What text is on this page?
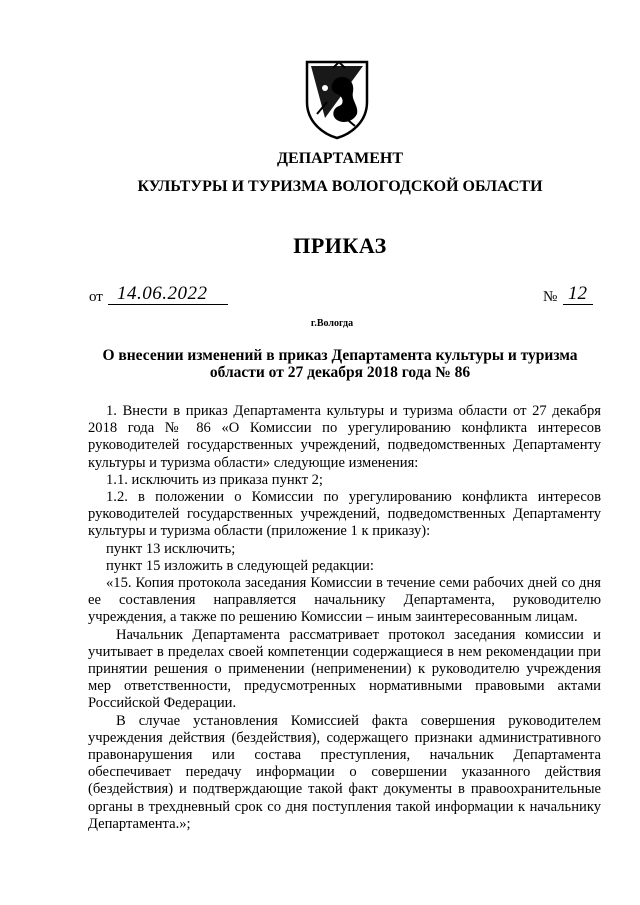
ДЕПАРТАМЕНТ
КУЛЬТУРЫ И ТУРИЗМА ВОЛОГОДСКОЙ ОБЛАСТИ
ПРИКАЗ
от 14.06.2022	№ 12
г.Вологда
О внесении изменений в приказ Департамента культуры и туризма
области от 27 декабря 2018 года № 86

1. Внести в приказ Департамента культуры и туризма области от 27 декабря 2018 года № 86 «О Комиссии по урегулированию конфликта интересов руководителей государственных учреждений, подведомственных Департаменту культуры и туризма области» следующие изменения:

1.1. исключить из приказа пункт 2;

1.2. в положении о Комиссии по урегулированию конфликта интересов руководителей государственных учреждений, подведомственных Департаменту культуры и туризма области (приложение 1 к приказу):

пункт 13 исключить;

пункт 15 изложить в следующей редакции:

«15. Копия протокола заседания Комиссии в течение семи рабочих дней со дня ее составления направляется начальнику Департамента, руководителю учреждения, а также по решению Комиссии – иным заинтересованным лицам.

Начальник Департамента рассматривает протокол заседания комиссии и учитывает в пределах своей компетенции содержащиеся в нем рекомендации при принятии решения о применении (неприменении) к руководителю учреждения мер ответственности, предусмотренных нормативными правовыми актами Российской Федерации.

В случае установления Комиссией факта совершения руководителем учреждения действия (бездействия), содержащего признаки административного правонарушения или состава преступления, начальник Департамента обеспечивает передачу информации о совершении указанного действия (бездействия) и подтверждающие такой факт документы в правоохранительные органы в трехдневный срок со дня поступления такой информации к начальнику Департамента.»;
